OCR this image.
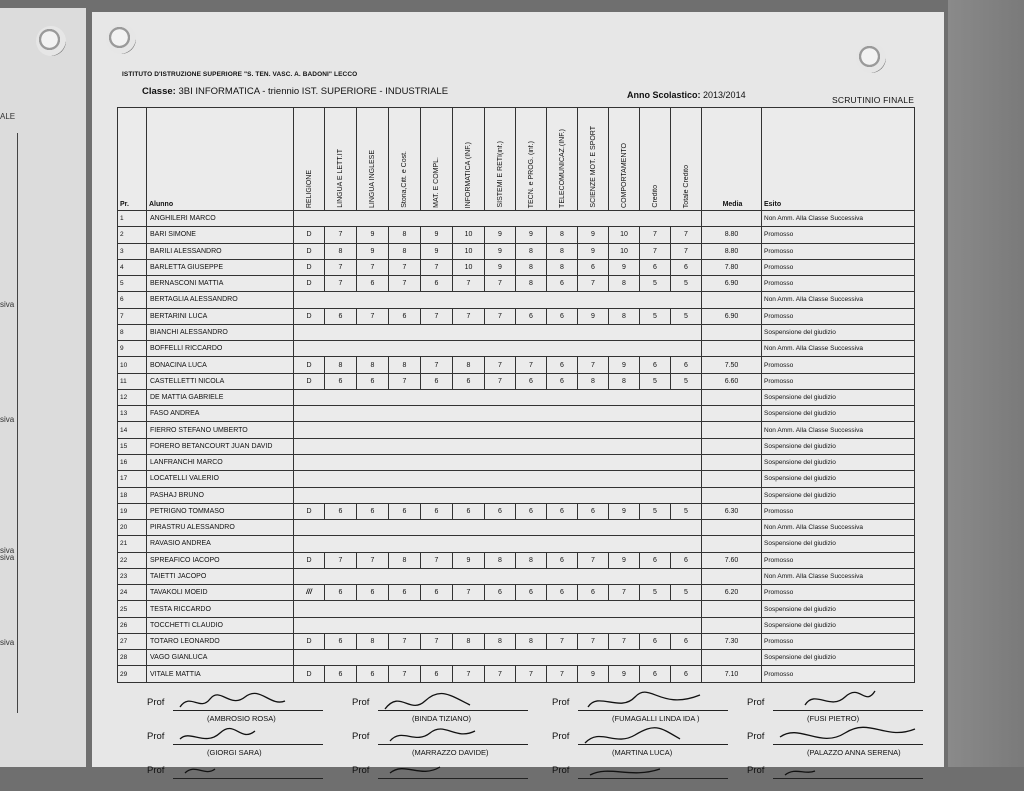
ALE
siva
siva
siva
siva
siva
ISTITUTO D'ISTRUZIONE SUPERIORE "S. TEN. VASC. A. BADONI" LECCO
Classe: 3BI INFORMATICA - triennio IST. SUPERIORE - INDUSTRIALE	Anno Scolastico: 2013/2014	SCRUTINIO FINALE
Pr.	Alunno	RELIGIONE	LINGUA E LETT.IT	LINGUA INGLESE	Storia,Citt. e Cost.	MAT. E COMPL.	INFORMATICA (INF.)	SISTEMI E RETI(inf.)	TECN. e PROG. (inf.)	TELECOMUNICAZ.(INF.)	SCIENZE MOT. E SPORT	COMPORTAMENTO	Credito	Totale Credito	Media	Esito
1	ANGHILERI MARCO															Non Amm. Alla Classe Successiva
2	BARI SIMONE	D	7	9	8	9	10	9	9	8	9	10	7	7	8.80	Promosso
3	BARILI ALESSANDRO	D	8	9	8	9	10	9	8	8	9	10	7	7	8.80	Promosso
4	BARLETTA GIUSEPPE	D	7	7	7	7	10	9	8	8	6	9	6	6	7.80	Promosso
5	BERNASCONI MATTIA	D	7	6	7	6	7	7	8	6	7	8	5	5	6.90	Promosso
6	BERTAGLIA ALESSANDRO															Non Amm. Alla Classe Successiva
7	BERTARINI LUCA	D	6	7	6	7	7	7	6	6	9	8	5	5	6.90	Promosso
8	BIANCHI ALESSANDRO															Sospensione del giudizio
9	BOFFELLI RICCARDO															Non Amm. Alla Classe Successiva
10	BONACINA LUCA	D	8	8	8	7	8	7	7	6	7	9	6	6	7.50	Promosso
11	CASTELLETTI NICOLA	D	6	6	7	6	6	7	6	6	8	8	5	5	6.60	Promosso
12	DE MATTIA GABRIELE															Sospensione del giudizio
13	FASO ANDREA															Sospensione del giudizio
14	FIERRO STEFANO UMBERTO															Non Amm. Alla Classe Successiva
15	FORERO BETANCOURT JUAN DAVID															Sospensione del giudizio
16	LANFRANCHI MARCO															Sospensione del giudizio
17	LOCATELLI VALERIO															Sospensione del giudizio
18	PASHAJ BRUNO															Sospensione del giudizio
19	PETRIGNO TOMMASO	D	6	6	6	6	6	6	6	6	6	9	5	5	6.30	Promosso
20	PIRASTRU ALESSANDRO															Non Amm. Alla Classe Successiva
21	RAVASIO ANDREA															Sospensione del giudizio
22	SPREAFICO IACOPO	D	7	7	8	7	9	8	8	6	7	9	6	6	7.60	Promosso
23	TAIETTI JACOPO															Non Amm. Alla Classe Successiva
24	TAVAKOLI MOEID	///	6	6	6	6	7	6	6	6	6	7	5	5	6.20	Promosso
25	TESTA RICCARDO															Sospensione del giudizio
26	TOCCHETTI CLAUDIO															Sospensione del giudizio
27	TOTARO LEONARDO	D	6	8	7	7	8	8	8	7	7	7	6	6	7.30	Promosso
28	VAGO GIANLUCA															Sospensione del giudizio
29	VITALE MATTIA	D	6	6	7	6	7	7	7	7	9	9	6	6	7.10	Promosso
Prof
(AMBROSIO ROSA)
Prof
(BINDA TIZIANO)
Prof
(FUMAGALLI LINDA IDA )
Prof
(FUSI PIETRO)
Prof
(GIORGI SARA)
Prof
(MARRAZZO DAVIDE)
Prof
(MARTINA LUCA)
Prof
(PALAZZO ANNA SERENA)
Prof	Prof	Prof	Prof
